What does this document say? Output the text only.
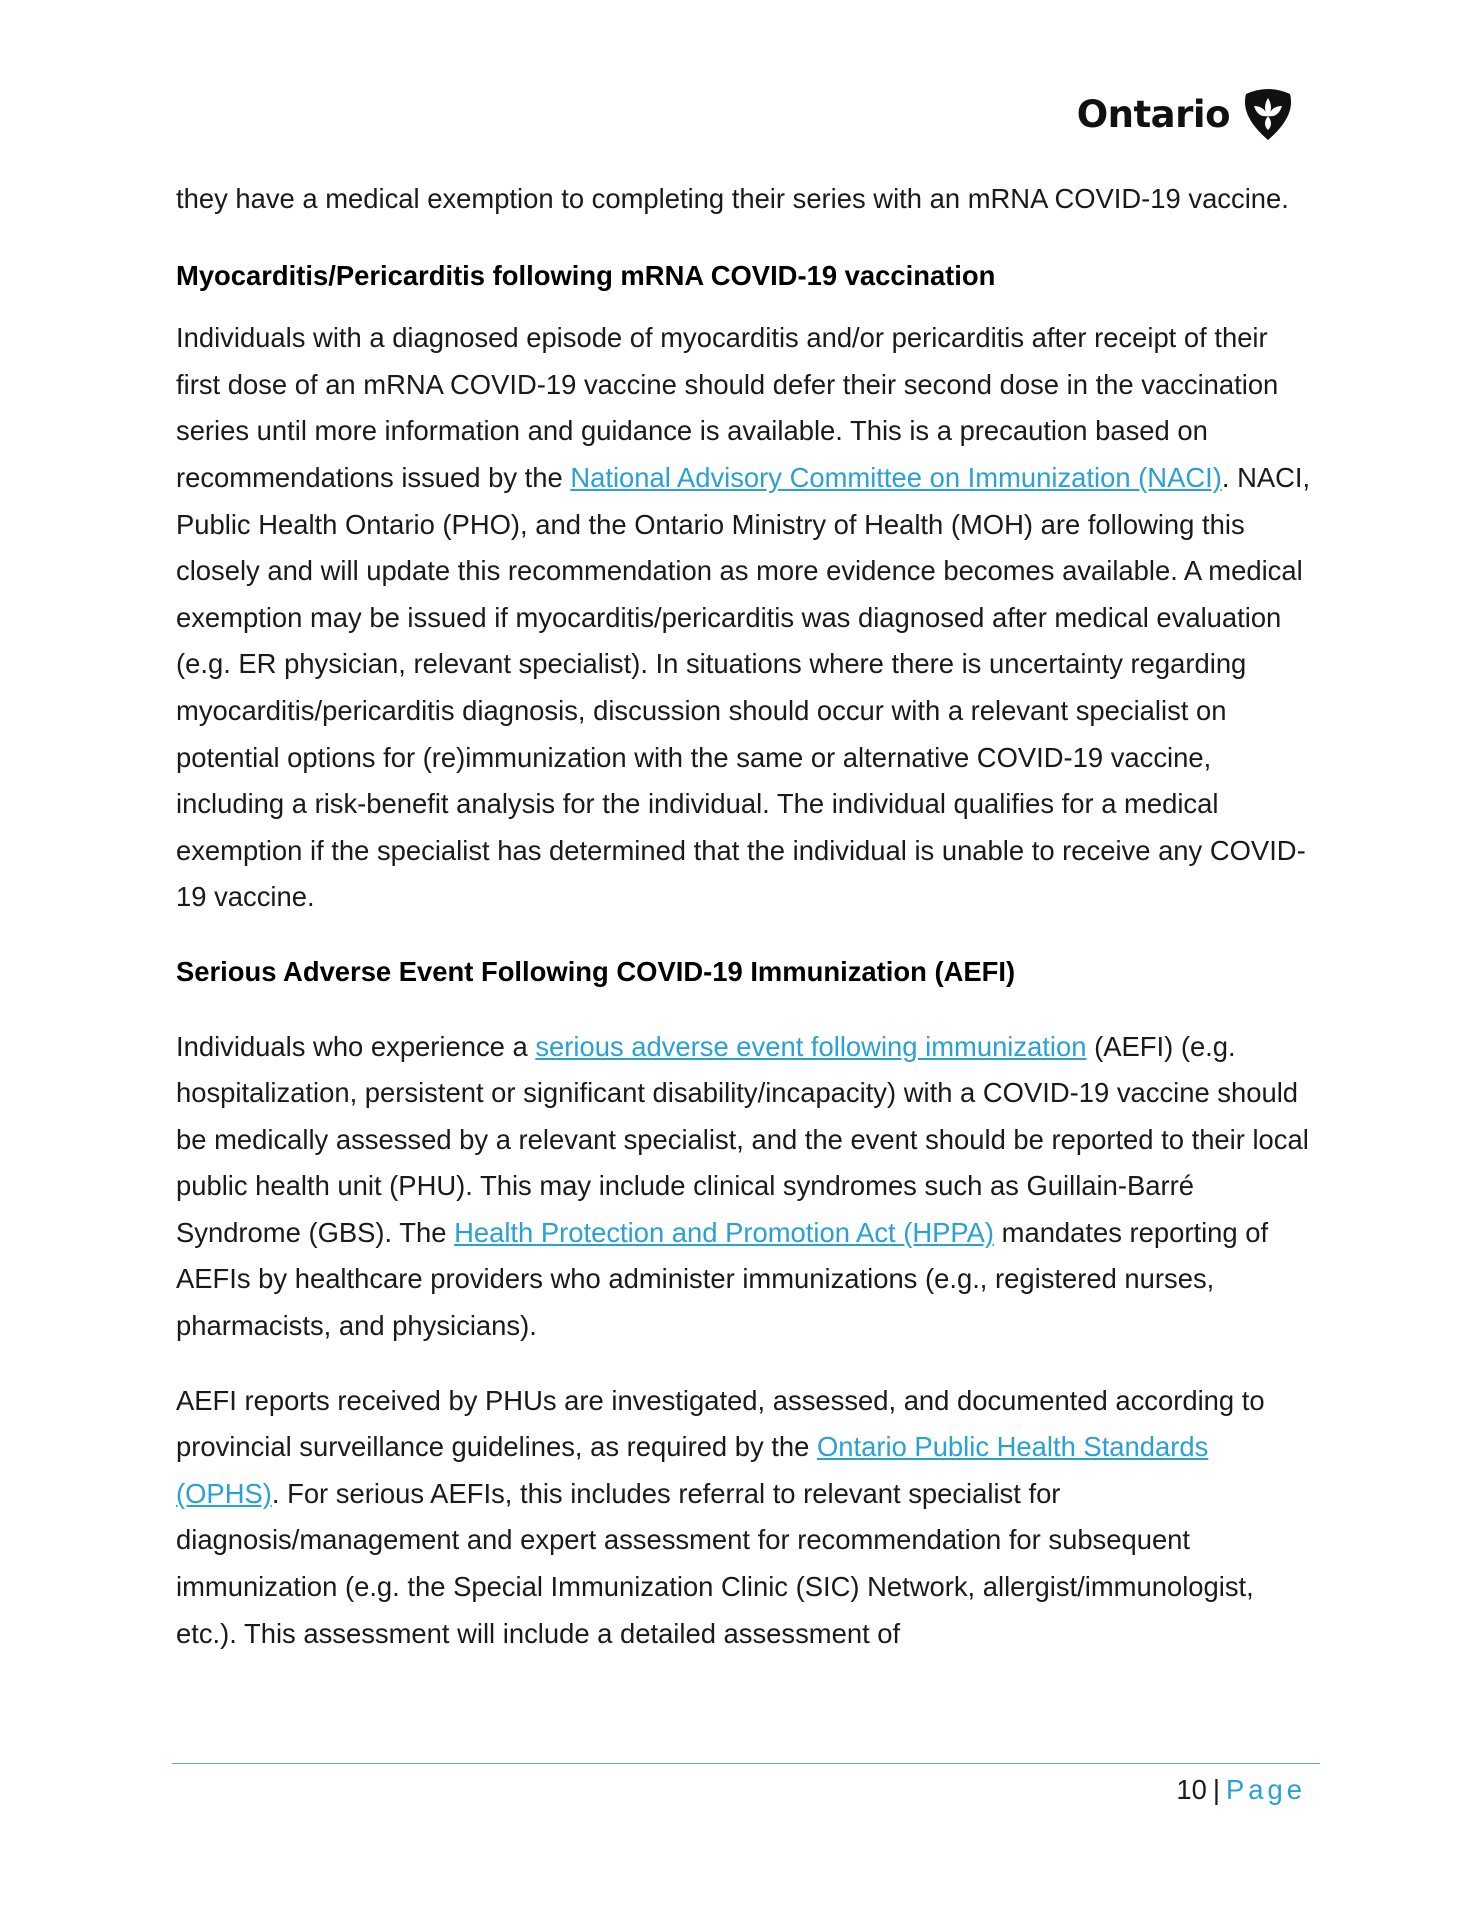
Ontario

they have a medical exemption to completing their series with an mRNA COVID-19 vaccine.

Myocarditis/Pericarditis following mRNA COVID-19 vaccination

Individuals with a diagnosed episode of myocarditis and/or pericarditis after receipt of their first dose of an mRNA COVID-19 vaccine should defer their second dose in the vaccination series until more information and guidance is available. This is a precaution based on recommendations issued by the National Advisory Committee on Immunization (NACI). NACI, Public Health Ontario (PHO), and the Ontario Ministry of Health (MOH) are following this closely and will update this recommendation as more evidence becomes available. A medical exemption may be issued if myocarditis/pericarditis was diagnosed after medical evaluation (e.g. ER physician, relevant specialist). In situations where there is uncertainty regarding myocarditis/pericarditis diagnosis, discussion should occur with a relevant specialist on potential options for (re)immunization with the same or alternative COVID-19 vaccine, including a risk-benefit analysis for the individual. The individual qualifies for a medical exemption if the specialist has determined that the individual is unable to receive any COVID-19 vaccine.

Serious Adverse Event Following COVID-19 Immunization (AEFI)

Individuals who experience a serious adverse event following immunization (AEFI) (e.g. hospitalization, persistent or significant disability/incapacity) with a COVID-19 vaccine should be medically assessed by a relevant specialist, and the event should be reported to their local public health unit (PHU). This may include clinical syndromes such as Guillain-Barré Syndrome (GBS). The Health Protection and Promotion Act (HPPA) mandates reporting of AEFIs by healthcare providers who administer immunizations (e.g., registered nurses, pharmacists, and physicians).

AEFI reports received by PHUs are investigated, assessed, and documented according to provincial surveillance guidelines, as required by the Ontario Public Health Standards (OPHS). For serious AEFIs, this includes referral to relevant specialist for diagnosis/management and expert assessment for recommendation for subsequent immunization (e.g. the Special Immunization Clinic (SIC) Network, allergist/immunologist, etc.). This assessment will include a detailed assessment of

10 | Page
